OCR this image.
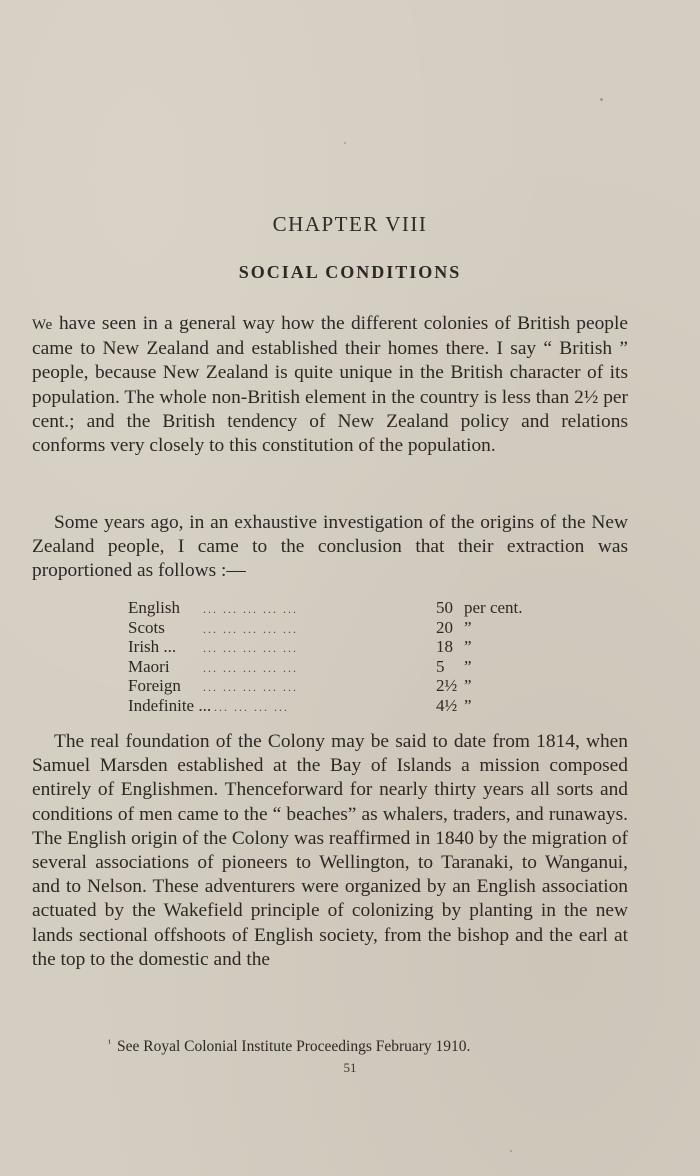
CHAPTER VIII
SOCIAL CONDITIONS

We have seen in a general way how the different colonies of British people came to New Zealand and established their homes there. I say “ British ” people, because New Zealand is quite unique in the British character of its population. The whole non-British element in the country is less than 2½ per cent.; and the British tendency of New Zealand policy and relations conforms very closely to this constitution of the population.

Some years ago, in an exhaustive investigation of the origins of the New Zealand people, I came to the conclusion that their extraction was proportioned as follows :—

English	... ... ... ... ...	50 per cent.
Scots	... ... ... ... ...	20 ”
Irish ...	... ... ... ... ...	18 ”
Maori	... ... ... ... ...	5	”
Foreign	... ... ... ... ...	2½ ”
Indefinite ... ... ... ... ...	4½ ”

The real foundation of the Colony may be said to date from 1814, when Samuel Marsden established at the Bay of Islands a mission composed entirely of Englishmen. Thenceforward for nearly thirty years all sorts and conditions of men came to the “ beaches” as whalers, traders, and runaways. The English origin of the Colony was reaffirmed in 1840 by the migration of several associations of pioneers to Wellington, to Taranaki, to Wanganui, and to Nelson. These adventurers were organized by an English association actuated by the Wakefield principle of colonizing by planting in the new lands sectional offshoots of English society, from the bishop and the earl at the top to the domestic and the

$^{^1}$ See Royal Colonial Institute Proceedings February 1910.
51
